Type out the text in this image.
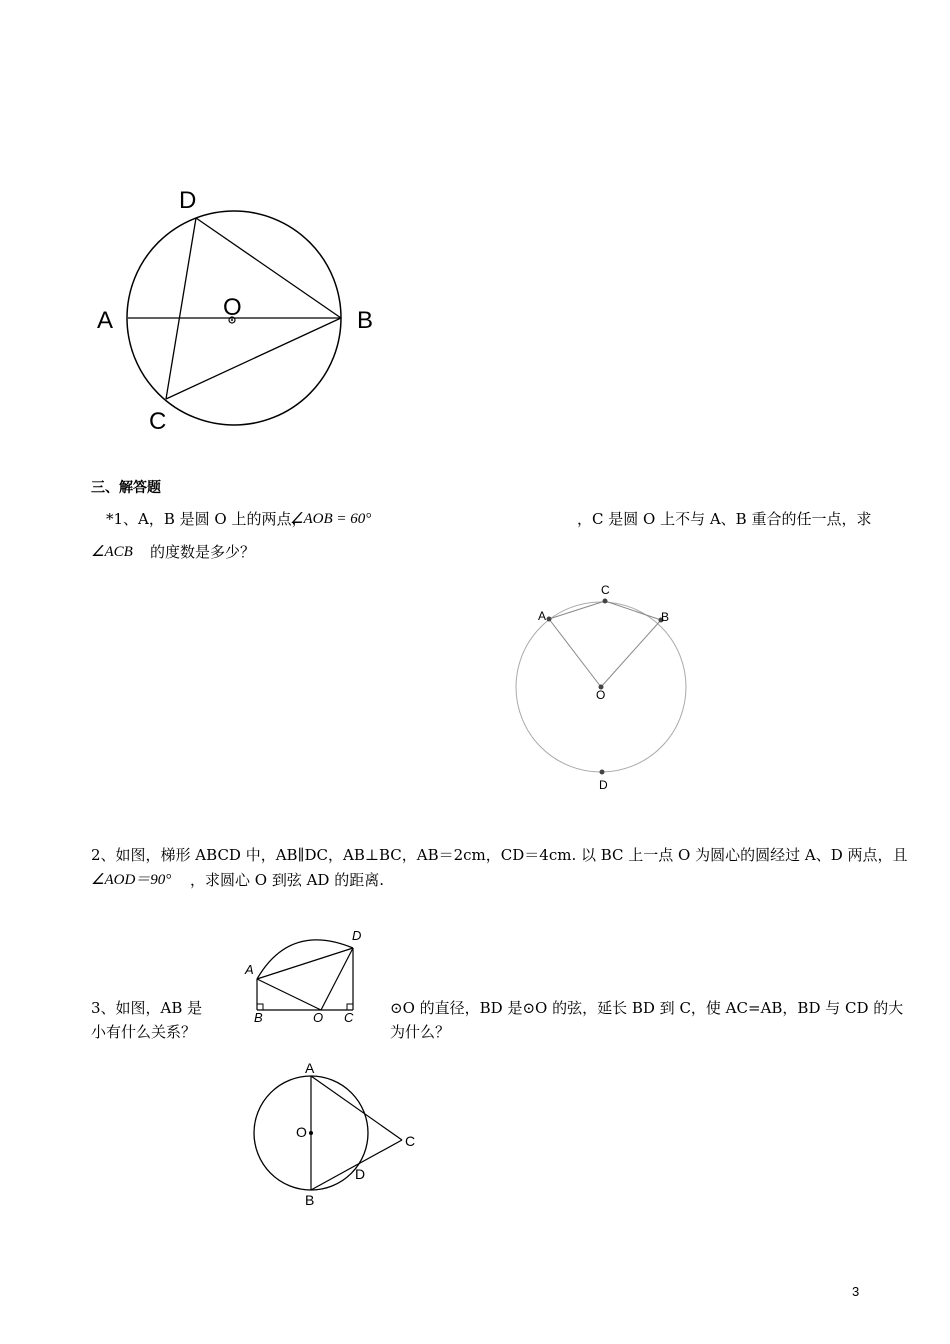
D
A	O	B
C
三、解答题
*1、A，B 是圆 O 上的两点，
∠AOB = 60°	，C 是圆 O 上不与 A、B 重合的任一点，求
∠ACB 的度数是多少？
C
A	B
O
D
2、如图，梯形 ABCD 中，AB∥DC，AB⊥BC，AB＝2cm，CD＝4cm. 以 BC 上一点 O 为圆心的圆经过 A、D 两点，且
∠AOD＝90° ，求圆心 O 到弦 AD 的距离.
D
A
B	O C
3、如图，AB 是	⊙O 的直径，BD 是⊙O 的弦，延长 BD 到 C，使 AC=AB，BD 与 CD 的大
小有什么关系？	为什么？
A
O
C
D
B
3
